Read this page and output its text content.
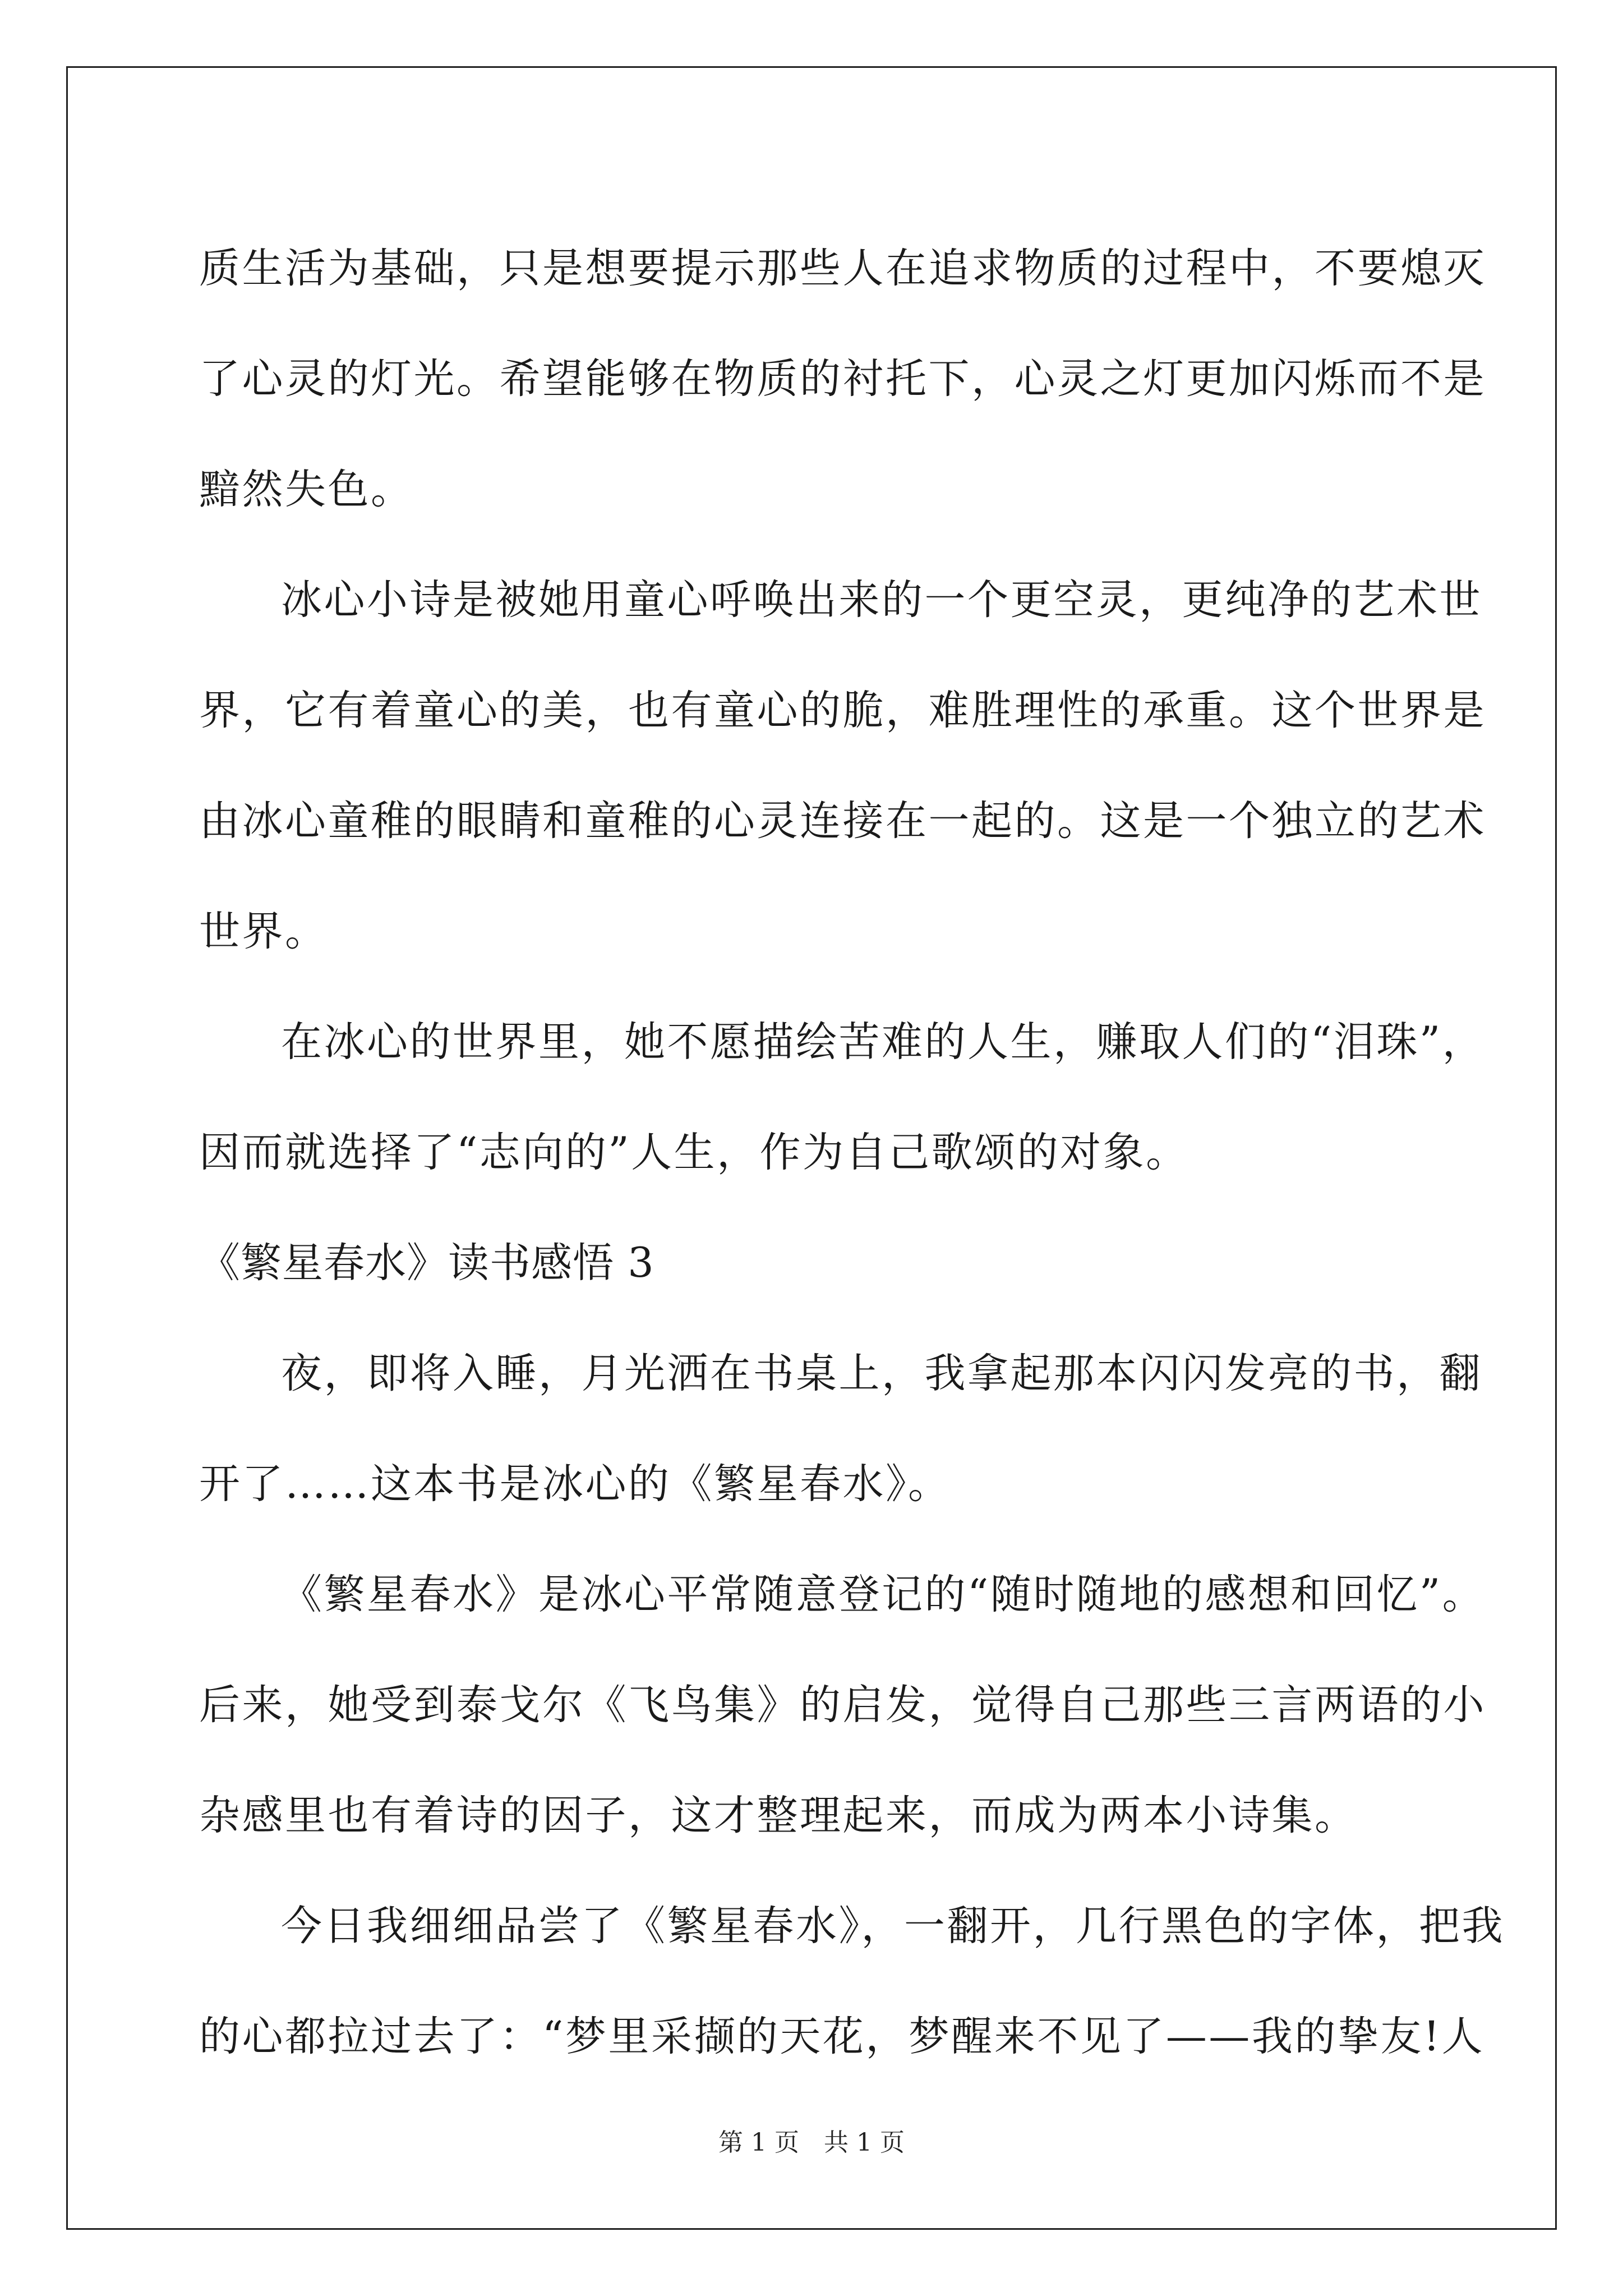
质生活为基础，只是想要提示那些人在追求物质的过程中，不要熄灭
了心灵的灯光。希望能够在物质的衬托下，心灵之灯更加闪烁而不是
黯然失色。
冰心小诗是被她用童心呼唤出来的一个更空灵，更纯净的艺术世
界，它有着童心的美，也有童心的脆，难胜理性的承重。这个世界是
由冰心童稚的眼睛和童稚的心灵连接在一起的。这是一个独立的艺术
世界。
在冰心的世界里，她不愿描绘苦难的人生，赚取人们的“泪珠”，
因而就选择了“志向的”人生，作为自己歌颂的对象。
《繁星春水》读书感悟 3
夜，即将入睡，月光洒在书桌上，我拿起那本闪闪发亮的书，翻
开了……这本书是冰心的《繁星春水》。
《繁星春水》是冰心平常随意登记的“随时随地的感想和回忆”。
后来，她受到泰戈尔《飞鸟集》的启发，觉得自己那些三言两语的小
杂感里也有着诗的因子，这才整理起来，而成为两本小诗集。
今日我细细品尝了《繁星春水》，一翻开，几行黑色的字体，把我
的心都拉过去了：“梦里采撷的天花，梦醒来不见了——我的挚友!人
第 1 页　共 1 页
